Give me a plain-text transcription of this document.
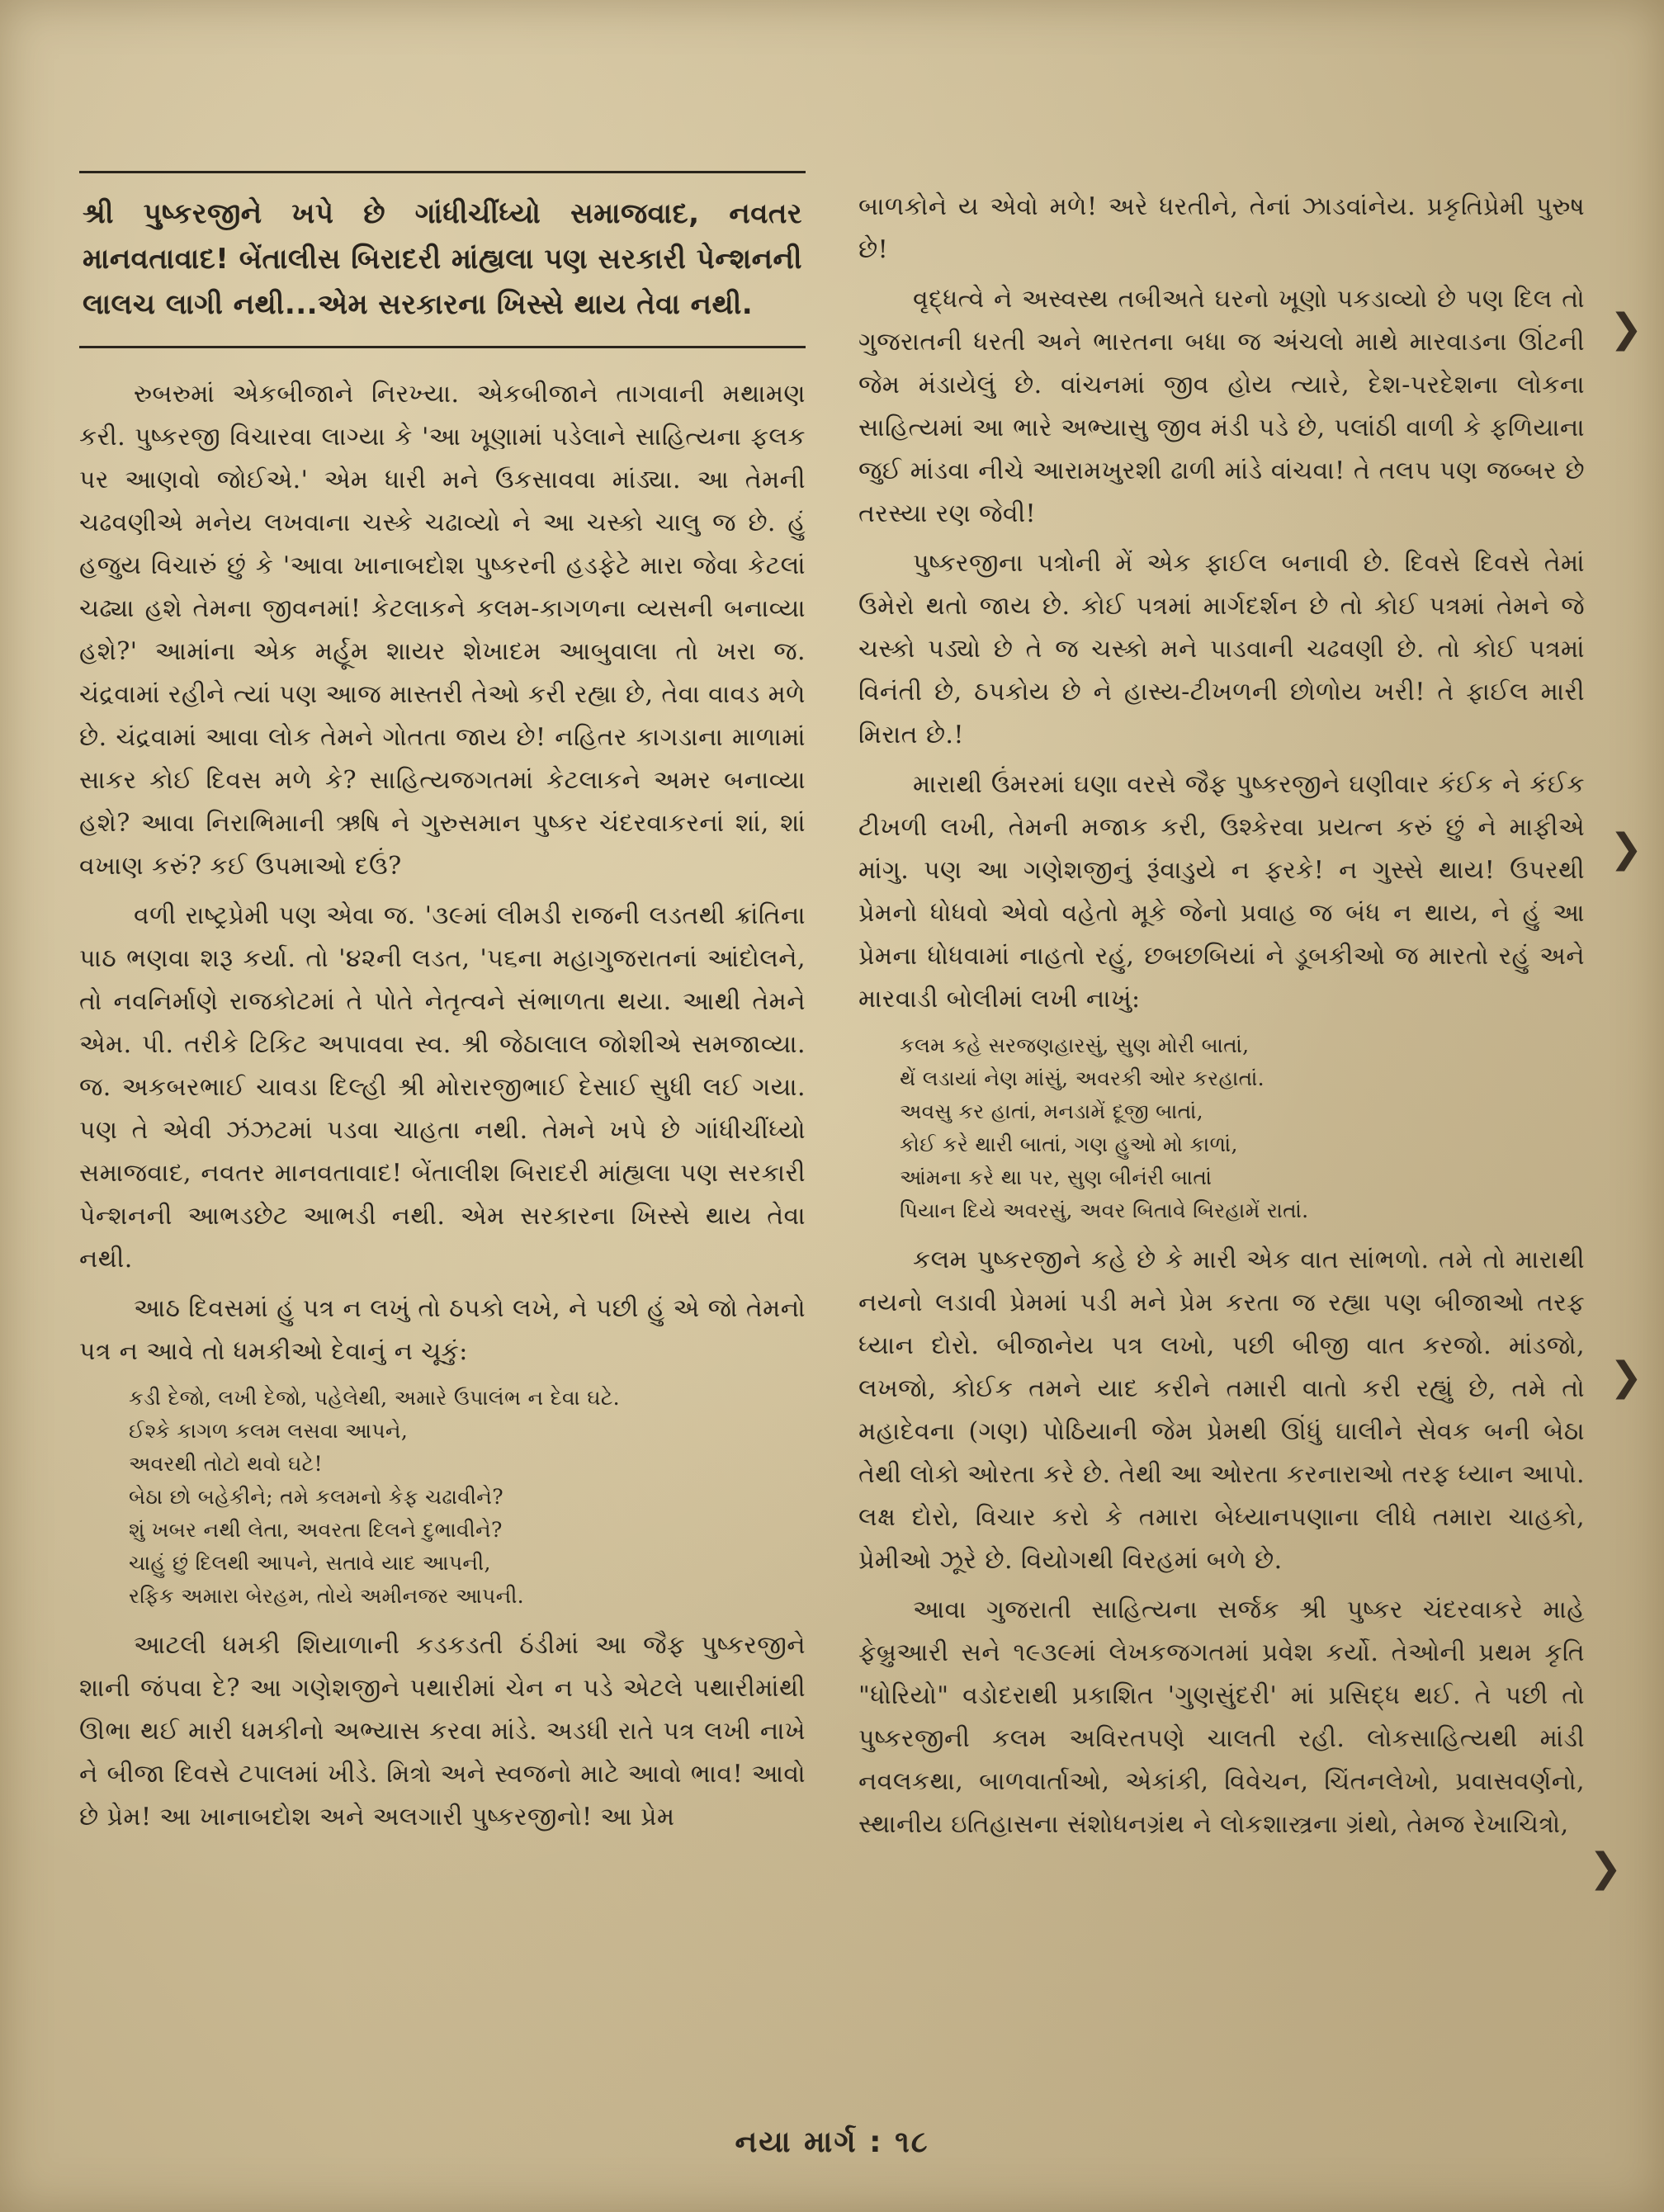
શ્રી પુષ્કરજીને ખપે છે ગાંધીચીંધ્યો સમાજવાદ, નવતર માનવતાવાદ! બેંતાલીસ બિરાદરી માંહ્યલા પણ સરકારી પેન્શનની લાલચ લાગી નથી...એમ સરકારના ખિસ્સે થાય તેવા નથી.

રુબરુમાં એકબીજાને નિરખ્યા. એકબીજાને તાગવાની મથામણ કરી. પુષ્કરજી વિચારવા લાગ્યા કે 'આ ખૂણામાં પડેલાને સાહિત્યના ફલક પર આણવો જોઈએ.' એમ ધારી મને ઉકસાવવા માંડ્યા. આ તેમની ચઢવણીએ મનેય લખવાના ચસ્કે ચઢાવ્યો ને આ ચસ્કો ચાલુ જ છે. હું હજુય વિચારું છું કે 'આવા ખાનાબદોશ પુષ્કરની હડફેટે મારા જેવા કેટલાં ચઢ્યા હશે તેમના જીવનમાં! કેટલાકને કલમ-કાગળના વ્યસની બનાવ્યા હશે?' આમાંના એક મર્હૂમ શાયર શેખાદમ આબુવાલા તો ખરા જ. ચંદ્રવામાં રહીને ત્યાં પણ આજ માસ્તરી તેઓ કરી રહ્યા છે, તેવા વાવડ મળે છે. ચંદ્રવામાં આવા લોક તેમને ગોતતા જાય છે! નહિતર કાગડાના માળામાં સાકર કોઈ દિવસ મળે કે? સાહિત્યજગતમાં કેટલાકને અમર બનાવ્યા હશે? આવા નિરાભિમાની ઋષિ ને ગુરુસમાન પુષ્કર ચંદરવાકરનાં શાં, શાં વખાણ કરું? કઈ ઉપમાઓ દઉં?

વળી રાષ્ટ્રપ્રેમી પણ એવા જ. '૩૯માં લીમડી રાજની લડતથી ક્રાંતિના પાઠ ભણવા શરૂ કર્યા. તો '૪૨ની લડત, '૫૬ના મહાગુજરાતનાં આંદોલને, તો નવનિર્માણે રાજકોટમાં તે પોતે નેતૃત્વને સંભાળતા થયા. આથી તેમને એમ. પી. તરીકે ટિકિટ અપાવવા સ્વ. શ્રી જેઠાલાલ જોશીએ સમજાવ્યા. જ. અકબરભાઈ ચાવડા દિલ્હી શ્રી મોરારજીભાઈ દેસાઈ સુધી લઈ ગયા. પણ તે એવી ઝંઝટમાં પડવા ચાહતા નથી. તેમને ખપે છે ગાંધીચીંધ્યો સમાજવાદ, નવતર માનવતાવાદ! બેંતાલીશ બિરાદરી માંહ્યલા પણ સરકારી પેન્શનની આભડછેટ આભડી નથી. એમ સરકારના ખિસ્સે થાય તેવા નથી.

આઠ દિવસમાં હું પત્ર ન લખું તો ઠપકો લખે, ને પછી હું એ જો તેમનો પત્ર ન આવે તો ધમકીઓ દેવાનું ન ચૂકું:

કડી દેજો, લખી દેજો, પહેલેથી, અમારે ઉપાલંભ ન દેવા ઘટે.
ઈશ્કે કાગળ કલમ લસવા આપને,
અવરથી તોટો થવો ઘટે!
બેઠા છો બહેકીને; તમે કલમનો કેફ ચઢાવીને?
શું ખબર નથી લેતા, અવરતા દિલને દુભાવીને?
ચાહું છું દિલથી આપને, સતાવે યાદ આપની,
રફિક અમારા બેરહમ, તોયે અમીનજર આપની.

આટલી ધમકી શિયાળાની કડકડતી ઠંડીમાં આ જૈફ પુષ્કરજીને શાની જંપવા દે? આ ગણેશજીને પથારીમાં ચેન ન પડે એટલે પથારીમાંથી ઊભા થઈ મારી ધમકીનો અભ્યાસ કરવા માંડે. અડધી રાતે પત્ર લખી નાખે ને બીજા દિવસે ટપાલમાં ખીડે. મિત્રો અને સ્વજનો માટે આવો ભાવ! આવો છે પ્રેમ! આ ખાનાબદોશ અને અલગારી પુષ્કરજીનો! આ પ્રેમ

બાળકોને ય એવો મળે! અરે ધરતીને, તેનાં ઝાડવાંનેય. પ્રકૃતિપ્રેમી પુરુષ છે!

વૃદ્ધત્વે ને અસ્વસ્થ તબીઅતે ઘરનો ખૂણો પકડાવ્યો છે પણ દિલ તો ગુજરાતની ધરતી અને ભારતના બધા જ અંચલો માથે મારવાડના ઊંટની જેમ મંડાયેલું છે. વાંચનમાં જીવ હોય ત્યારે, દેશ-પરદેશના લોકના સાહિત્યમાં આ ભારે અભ્યાસુ જીવ મંડી પડે છે, પલાંઠી વાળી કે ફળિયાના જુઈ માંડવા નીચે આરામખુરશી ઢાળી માંડે વાંચવા! તે તલપ પણ જબ્બર છે તરસ્યા રણ જેવી!

પુષ્કરજીના પત્રોની મેં એક ફાઈલ બનાવી છે. દિવસે દિવસે તેમાં ઉમેરો થતો જાય છે. કોઈ પત્રમાં માર્ગદર્શન છે તો કોઈ પત્રમાં તેમને જે ચસ્કો પડ્યો છે તે જ ચસ્કો મને પાડવાની ચઢવણી છે. તો કોઈ પત્રમાં વિનંતી છે, ઠપકોય છે ને હાસ્ય-ટીખળની છોળોય ખરી! તે ફાઈલ મારી મિરાત છે.!

મારાથી ઉંમરમાં ઘણા વરસે જૈફ પુષ્કરજીને ઘણીવાર કંઈક ને કંઈક ટીખળી લખી, તેમની મજાક કરી, ઉશ્કેરવા પ્રયત્ન કરું છું ને માફીએ માંગુ. પણ આ ગણેશજીનું રૂંવાડુયે ન ફરકે! ન ગુસ્સે થાય! ઉપરથી પ્રેમનો ધોધવો એવો વહેતો મૂકે જેનો પ્રવાહ જ બંધ ન થાય, ને હું આ પ્રેમના ધોધવામાં નાહતો રહું, છબછબિયાં ને ડૂબકીઓ જ મારતો રહું અને મારવાડી બોલીમાં લખી નાખું:

કલમ કહે સરજણહારસું, સુણ મોરી બાતાં,
થેં લડાયાં નેણ માંસું, અવરકી ઓર કરહાતાં.
અવસુ કર હાતાં, મનડામેં દૂજી બાતાં,
કોઈ કરે થારી બાતાં, ગણ હુઓ મો કાળાં,
આંમના કરે થા પર, સુણ બીનંરી બાતાં
પિયાન દિયે અવરસું, અવર બિતાવે બિરહામેં રાતાં.

કલમ પુષ્કરજીને કહે છે કે મારી એક વાત સાંભળો. તમે તો મારાથી નયનો લડાવી પ્રેમમાં પડી મને પ્રેમ કરતા જ રહ્યા પણ બીજાઓ તરફ ધ્યાન દોરો. બીજાનેય પત્ર લખો, પછી બીજી વાત કરજો. માંડજો, લખજો, કોઈક તમને યાદ કરીને તમારી વાતો કરી રહ્યું છે, તમે તો મહાદેવના (ગણ) પોઠિયાની જેમ પ્રેમથી ઊંધું ઘાલીને સેવક બની બેઠા તેથી લોકો ઓરતા કરે છે. તેથી આ ઓરતા કરનારાઓ તરફ ધ્યાન આપો. લક્ષ દોરો, વિચાર કરો કે તમારા બેધ્યાનપણાના લીધે તમારા ચાહકો, પ્રેમીઓ ઝૂરે છે. વિયોગથી વિરહમાં બળે છે.

આવા ગુજરાતી સાહિત્યના સર્જક શ્રી પુષ્કર ચંદરવાકરે માહે ફેબ્રુઆરી સને ૧૯૩૯માં લેખકજગતમાં પ્રવેશ કર્યો. તેઓની પ્રથમ કૃતિ "ધોરિયો" વડોદરાથી પ્રકાશિત 'ગુણસુંદરી' માં પ્રસિદ્ધ થઈ. તે પછી તો પુષ્કરજીની કલમ અવિરતપણે ચાલતી રહી. લોકસાહિત્યથી માંડી નવલકથા, બાળવાર્તાઓ, એકાંકી, વિવેચન, ચિંતનલેખો, પ્રવાસવર્ણનો, સ્થાનીય ઇતિહાસના સંશોધનગ્રંથ ને લોકશાસ્ત્રના ગ્રંથો, તેમજ રેખાચિત્રો,

❯
❯
❯
❯
નયા માર્ગ : ૧૮
